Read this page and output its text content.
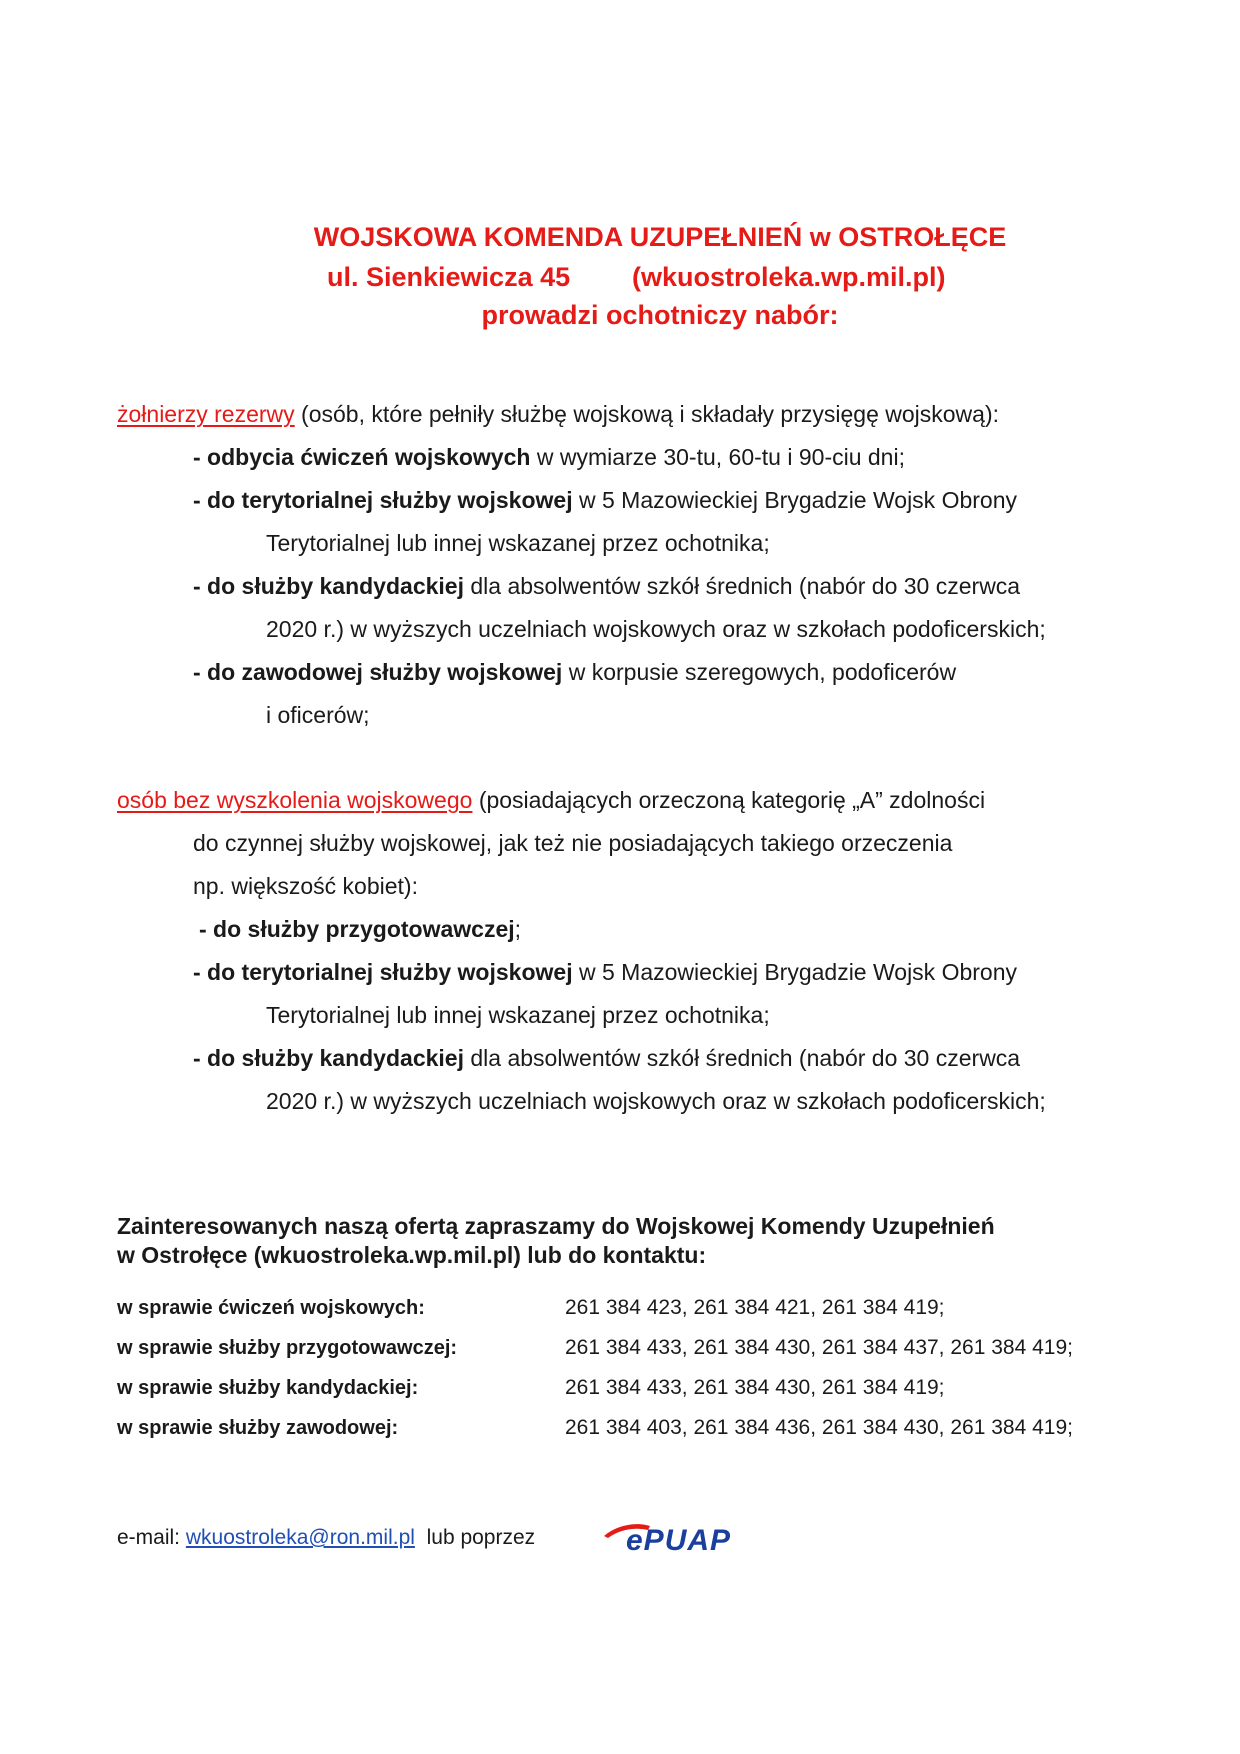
WOJSKOWA KOMENDA UZUPEŁNIEŃ w OSTROŁĘCE
ul. Sienkiewicza 45 (wkuostroleka.wp.mil.pl)
prowadzi ochotniczy nabór:
żołnierzy rezerwy (osób, które pełniły służbę wojskową i składały przysięgę wojskową):
- odbycia ćwiczeń wojskowych w wymiarze 30-tu, 60-tu i 90-ciu dni;
- do terytorialnej służby wojskowej w 5 Mazowieckiej Brygadzie Wojsk Obrony
Terytorialnej lub innej wskazanej przez ochotnika;
- do służby kandydackiej dla absolwentów szkół średnich (nabór do 30 czerwca
2020 r.) w wyższych uczelniach wojskowych oraz w szkołach podoficerskich;
- do zawodowej służby wojskowej w korpusie szeregowych, podoficerów
i oficerów;
osób bez wyszkolenia wojskowego (posiadających orzeczoną kategorię „A” zdolności
do czynnej służby wojskowej, jak też nie posiadających takiego orzeczenia
np. większość kobiet):
- do służby przygotowawczej;
- do terytorialnej służby wojskowej w 5 Mazowieckiej Brygadzie Wojsk Obrony
Terytorialnej lub innej wskazanej przez ochotnika;
- do służby kandydackiej dla absolwentów szkół średnich (nabór do 30 czerwca
2020 r.) w wyższych uczelniach wojskowych oraz w szkołach podoficerskich;
Zainteresowanych naszą ofertą zapraszamy do Wojskowej Komendy Uzupełnień
w Ostrołęce (wkuostroleka.wp.mil.pl) lub do kontaktu:
w sprawie ćwiczeń wojskowych:	261 384 423, 261 384 421, 261 384 419;
w sprawie służby przygotowawczej:	261 384 433, 261 384 430, 261 384 437, 261 384 419;
w sprawie służby kandydackiej:	261 384 433, 261 384 430, 261 384 419;
w sprawie służby zawodowej:	261 384 403, 261 384 436, 261 384 430, 261 384 419;
e-mail: wkuostroleka@ron.mil.pl lub poprzez	ePUAP
